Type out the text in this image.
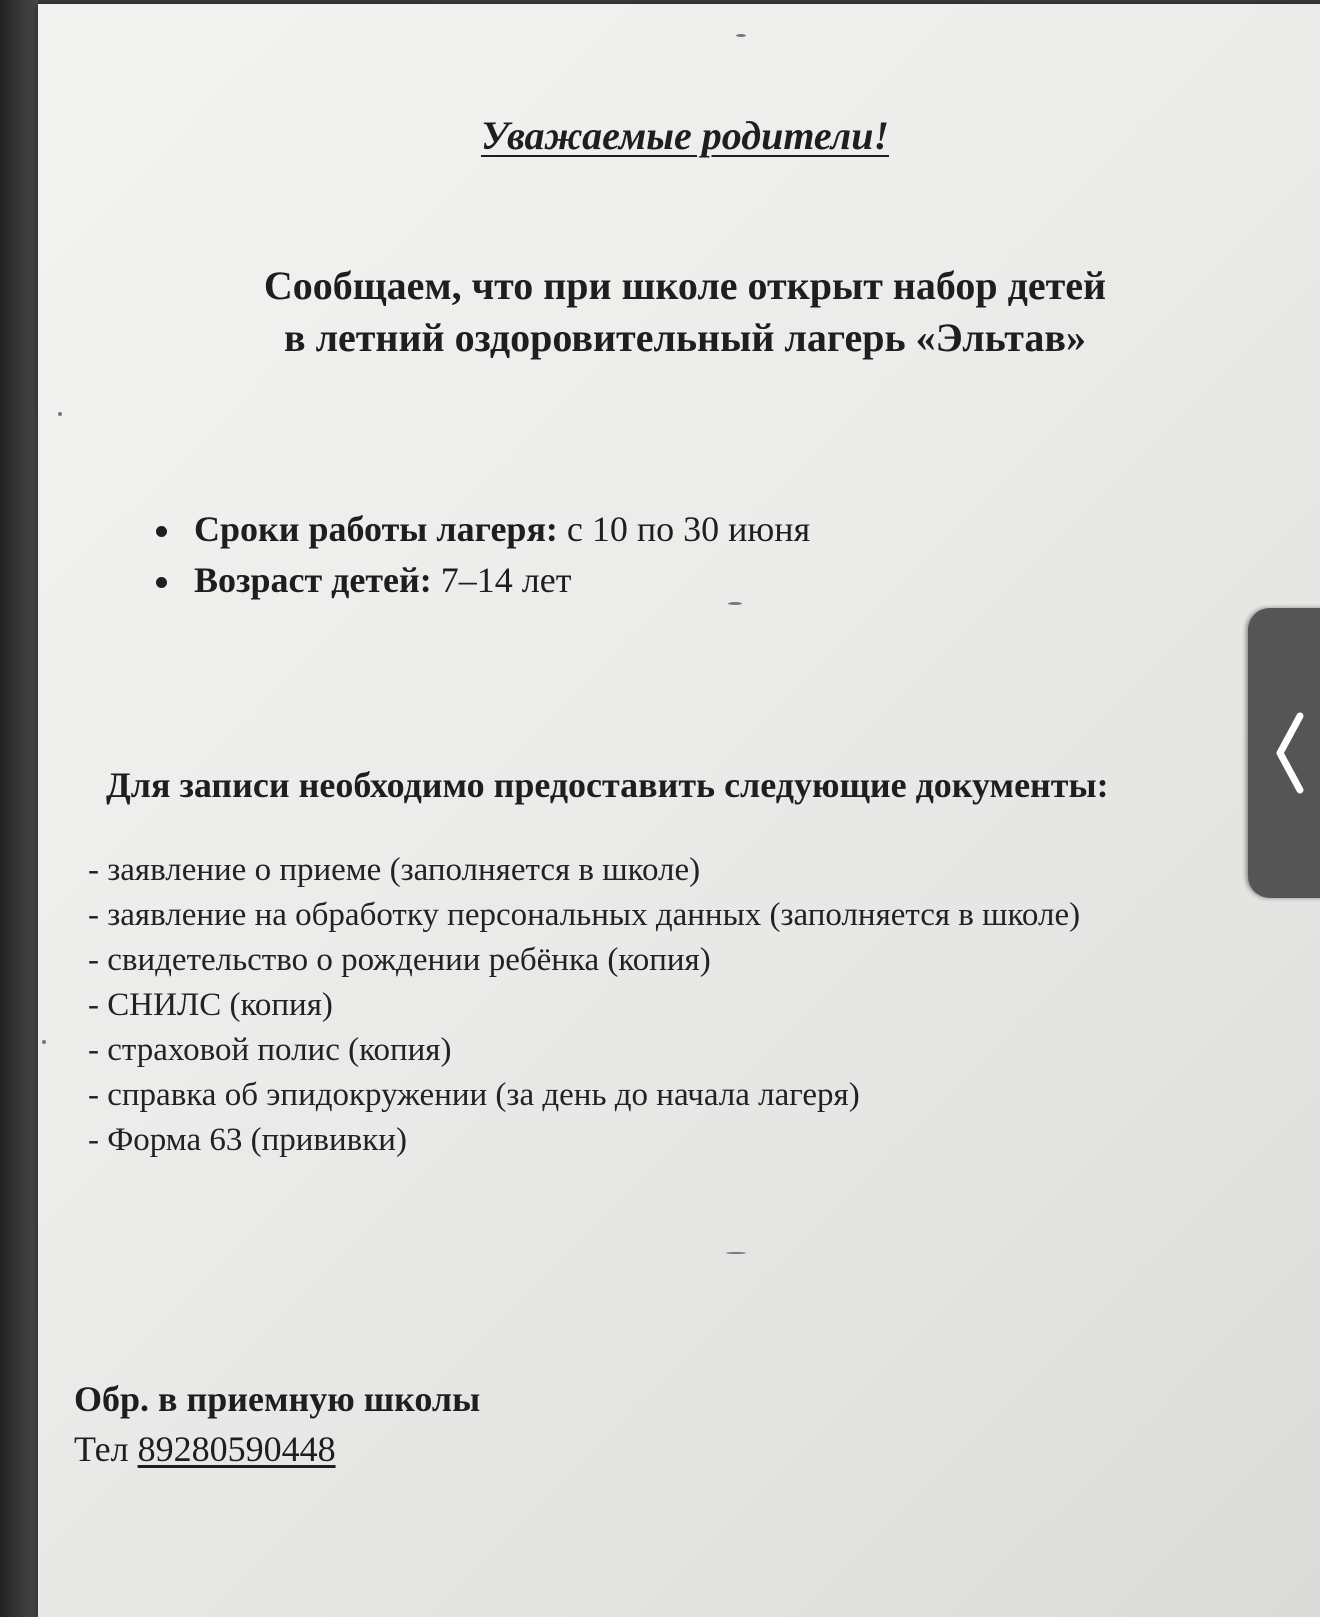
Уважаемые родители!
Сообщаем, что при школе открыт набор детей
в летний оздоровительный лагерь «Эльтав»
Сроки работы лагеря: с 10 по 30 июня
Возраст детей: 7–14 лет
Для записи необходимо предоставить следующие документы:
- заявление о приеме (заполняется в школе)
- заявление на обработку персональных данных (заполняется в школе)
- свидетельство о рождении ребёнка (копия)
- СНИЛС (копия)
- страховой полис (копия)
- справка об эпидокружении (за день до начала лагеря)
- Форма 63 (прививки)
Обр. в приемную школы
Тел 89280590448
